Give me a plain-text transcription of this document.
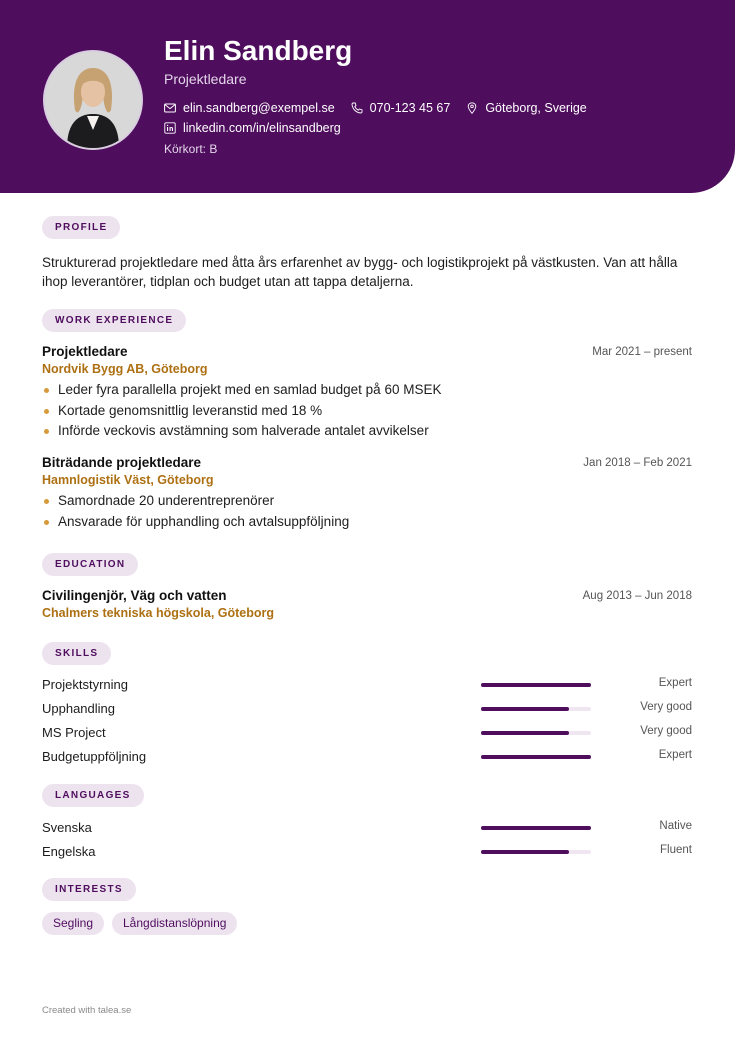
Elin Sandberg
Projektledare
elin.sandberg@exempel.se	070-123 45 67	Göteborg, Sverige
linkedin.com/in/elinsandberg
Körkort: B
PROFILE
Strukturerad projektledare med åtta års erfarenhet av bygg- och logistikprojekt på västkusten. Van att hålla ihop leverantörer, tidplan och budget utan att tappa detaljerna.
WORK EXPERIENCE
Projektledare	Mar 2021 – present
Nordvik Bygg AB, Göteborg
Leder fyra parallella projekt med en samlad budget på 60 MSEK
Kortade genomsnittlig leveranstid med 18 %
Införde veckovis avstämning som halverade antalet avvikelser
Biträdande projektledare	Jan 2018 – Feb 2021
Hamnlogistik Väst, Göteborg
Samordnade 20 underentreprenörer
Ansvarade för upphandling och avtalsuppföljning
EDUCATION
Civilingenjör, Väg och vatten	Aug 2013 – Jun 2018
Chalmers tekniska högskola, Göteborg
SKILLS
Projektstyrning	Expert
Upphandling	Very good
MS Project	Very good
Budgetuppföljning	Expert
LANGUAGES
Svenska	Native
Engelska	Fluent
INTERESTS
Segling	Långdistanslöpning
Created with talea.se
